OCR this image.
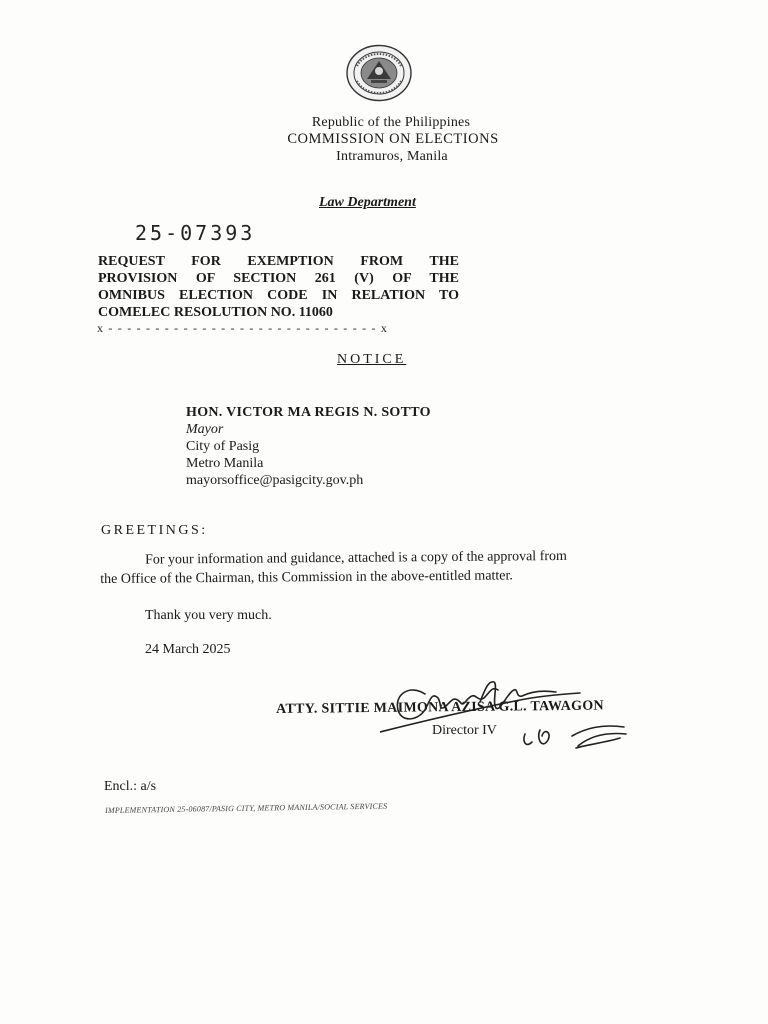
Republic of the Philippines
COMMISSION ON ELECTIONS
Intramuros, Manila
Law Department
25-07393
REQUEST FOR EXEMPTION FROM THE
PROVISION OF SECTION 261 (V) OF THE
OMNIBUS ELECTION CODE IN RELATION TO
COMELEC RESOLUTION NO. 11060
x - - - - - - - - - - - - - - - - - - - - - - - - - - - - - x
NOTICE
HON. VICTOR MA REGIS N. SOTTO
Mayor
City of Pasig
Metro Manila
mayorsoffice@pasigcity.gov.ph
GREETINGS:
For your information and guidance, attached is a copy of the approval from
the Office of the Chairman, this Commission in the above-entitled matter.
Thank you very much.
24 March 2025
ATTY. SITTIE MAIMONA AZISA G.L. TAWAGON
Director IV
Encl.: a/s
IMPLEMENTATION 25-06087/PASIG CITY, METRO MANILA/SOCIAL SERVICES
